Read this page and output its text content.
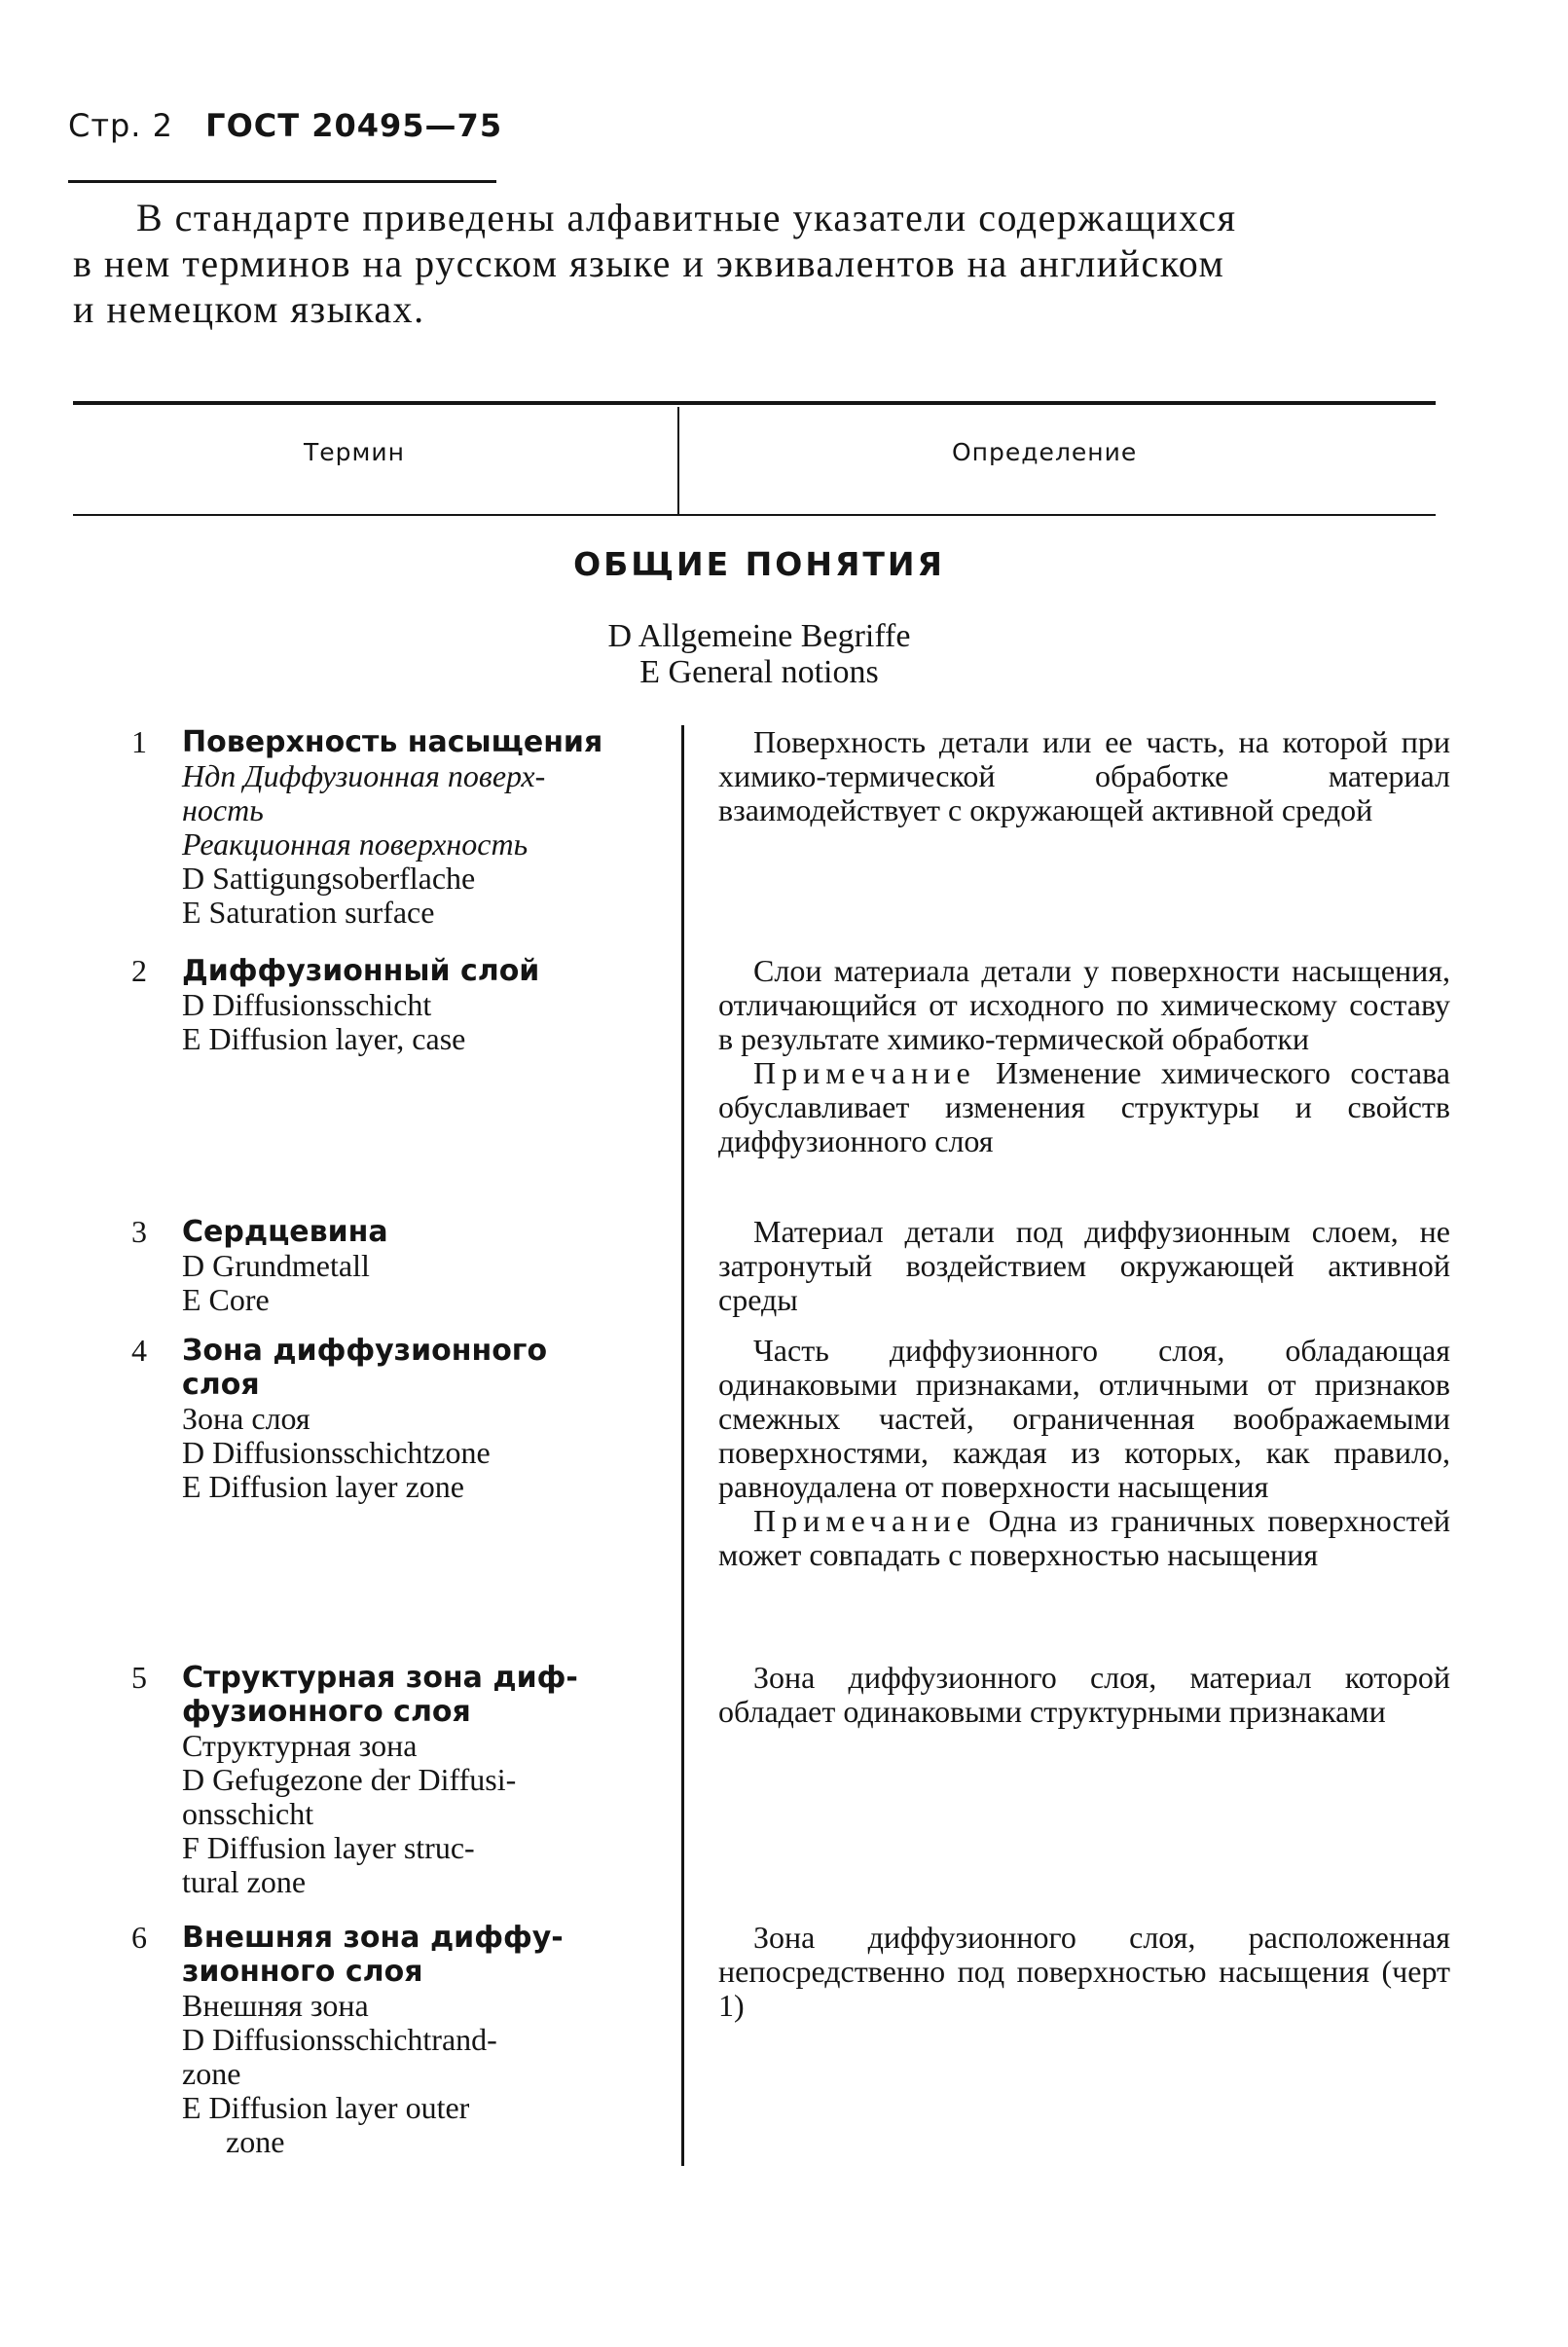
Стр. 2 ГОСТ 20495—75
В стандарте приведены алфавитные указатели содержащихся
в нем терминов на русском языке и эквивалентов на английском
и немецком языках.
Термин	Определение
ОБЩИЕ ПОНЯТИЯ
D Allgemeine Begriffe
E General notions
1	Поверхность насыщения
Ндп Диффузионная поверх-
ность
Реакционная поверхность
D Sattigungsoberflache
E Saturation surface

Поверхность детали или ее часть, на которой при химико-термической обработке материал взаимодействует с окружающей активной средой

2	Диффузионный слой
D Diffusionsschicht
E Diffusion layer, case

Слои материала детали у поверхности насыщения, отличающийся от исходного по химическому составу в результате химико-термической обработки

Примечание Изменение химического состава обуславливает изменения структуры и свойств диффузионного слоя

3	Сердцевина
D Grundmetall
E Core

Материал детали под диффузионным слоем, не затронутый воздействием окружающей активной среды

4	Зона диффузионного
слоя
Зона слоя
D Diffusionsschichtzone
E Diffusion layer zone

Часть диффузионного слоя, обладающая одинаковыми признаками, отличными от признаков смежных частей, ограниченная воображаемыми поверхностями, каждая из которых, как правило, равноудалена от поверхности насыщения

Примечание Одна из граничных поверхностей может совпадать с поверхностью насыщения

5	Структурная зона диф-
фузионного слоя
Структурная зона
D Gefugezone der Diffusi-
onsschicht
F Diffusion layer struc-
tural zone

Зона диффузионного слоя, материал которой обладает одинаковыми структурными признаками

6	Внешняя зона диффу-
зионного слоя
Внешняя зона
D Diffusionsschichtrand-
zone
E Diffusion layer outer
zone

Зона диффузионного слоя, расположенная непосредственно под поверхностью насыщения (черт 1)
